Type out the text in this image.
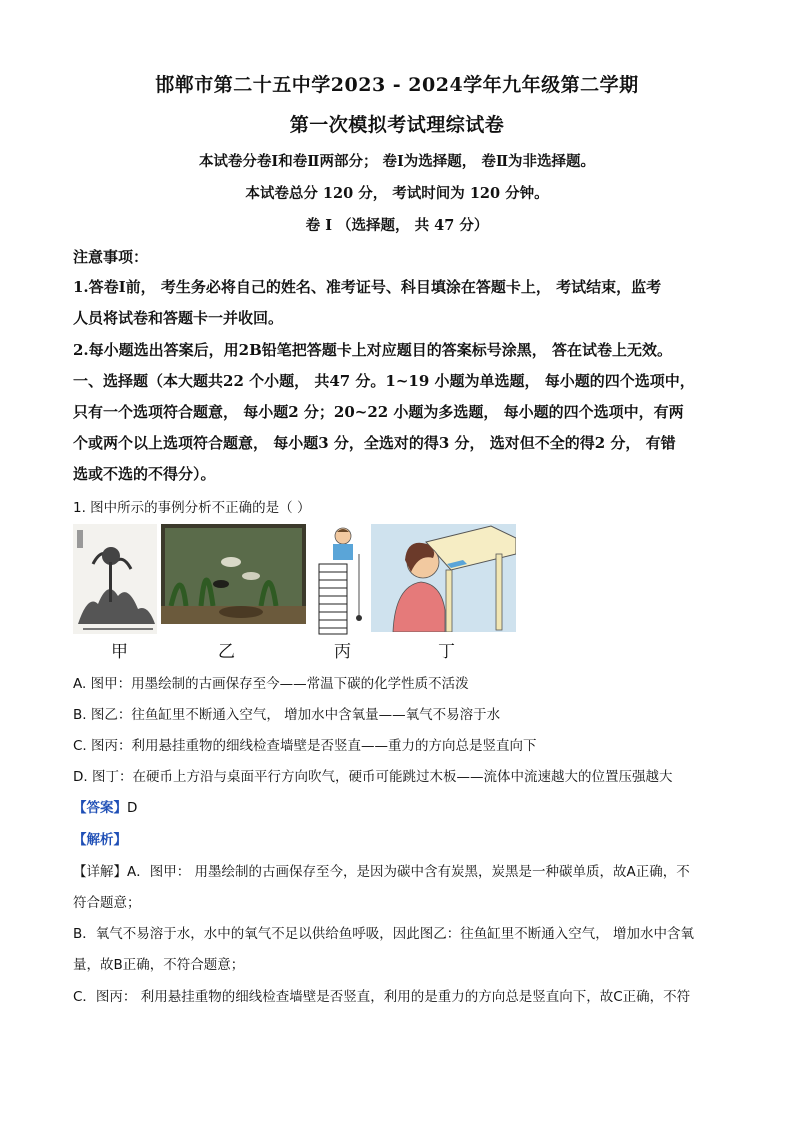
邯郸市第二十五中学2023 - 2024学年九年级第二学期
第一次模拟考试理综试卷
本试卷分卷Ⅰ和卷Ⅱ两部分； 卷Ⅰ为选择题， 卷Ⅱ为非选择题。
本试卷总分 120 分， 考试时间为 120 分钟。
卷 Ⅰ （选择题， 共 47 分）
注意事项：
1.答卷Ⅰ前， 考生务必将自己的姓名、准考证号、科目填涂在答题卡上， 考试结束，监考
人员将试卷和答题卡一并收回。
2.每小题选出答案后，用2B铅笔把答题卡上对应题目的答案标号涂黑， 答在试卷上无效。
一、选择题（本大题共22 个小题， 共47 分。1~19 小题为单选题， 每小题的四个选项中，
只有一个选项符合题意， 每小题2 分；20~22 小题为多选题， 每小题的四个选项中，有两
个或两个以上选项符合题意， 每小题3 分，全选对的得3 分， 选对但不全的得2 分， 有错
选或不选的不得分）。
1. 图中所示的事例分析不正确的是（ ）
甲	乙	丙	丁
A. 图甲：用墨绘制的古画保存至今——常温下碳的化学性质不活泼
B. 图乙：往鱼缸里不断通入空气， 增加水中含氧量——氧气不易溶于水
C. 图丙：利用悬挂重物的细线检查墙壁是否竖直——重力的方向总是竖直向下
D. 图丁：在硬币上方沿与桌面平行方向吹气，硬币可能跳过木板——流体中流速越大的位置压强越大
【答案】D
【解析】
【详解】A．图甲： 用墨绘制的古画保存至今，是因为碳中含有炭黑，炭黑是一种碳单质，故A正确，不
符合题意；
B．氧气不易溶于水，水中的氧气不足以供给鱼呼吸，因此图乙：往鱼缸里不断通入空气， 增加水中含氧
量，故B正确，不符合题意；
C．图丙： 利用悬挂重物的细线检查墙壁是否竖直，利用的是重力的方向总是竖直向下，故C正确，不符
